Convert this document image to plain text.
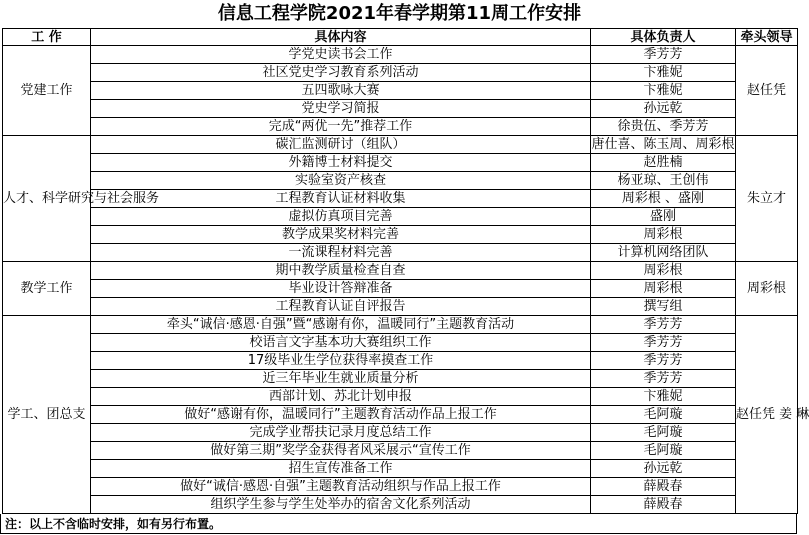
信息工程学院2021年春学期第11周工作安排
工 作	具体内容	具体负责人	牵头领导
党建工作	学党史读书会工作	季芳芳	赵任凭
	社区党史学习教育系列活动	卞雅妮	
	五四歌咏大赛	卞雅妮	
	党史学习简报	孙远乾	
	完成“两优一先”推荐工作	徐贵伍、季芳芳	
人才、科学研究与社会服务	碳汇监测研讨（组队）	唐仕喜、陈玉周、周彩根	朱立才
	外籍博士材料提交	赵胜楠	
	实验室资产核查	杨亚琼、王创伟	
	工程教育认证材料收集	周彩根 、盛刚	
	虚拟仿真项目完善	盛刚	
	教学成果奖材料完善	周彩根	
	一流课程材料完善	计算机网络团队	
教学工作	期中教学质量检查自查	周彩根	周彩根
	毕业设计答辩准备	周彩根	
	工程教育认证自评报告	撰写组	
学工、团总支	牵头“诚信·感恩·自强”暨“感谢有你，温暖同行”主题教育活动	季芳芳	赵任凭 姜 琳
	校语言文字基本功大赛组织工作	季芳芳	
	17级毕业生学位获得率摸查工作	季芳芳	
	近三年毕业生就业质量分析	季芳芳	
	西部计划、苏北计划申报	卞雅妮	
	做好“感谢有你，温暖同行”主题教育活动作品上报工作	毛阿璇	
	完成学业帮扶记录月度总结工作	毛阿璇	
	做好第三期”奖学金获得者风采展示“宣传工作	毛阿璇	
	招生宣传准备工作	孙远乾	
	做好“诚信·感恩·自强”主题教育活动组织与作品上报工作	薛殿春	
	组织学生参与学生处举办的宿舍文化系列活动	薛殿春	
注：以上不含临时安排，如有另行布置。
